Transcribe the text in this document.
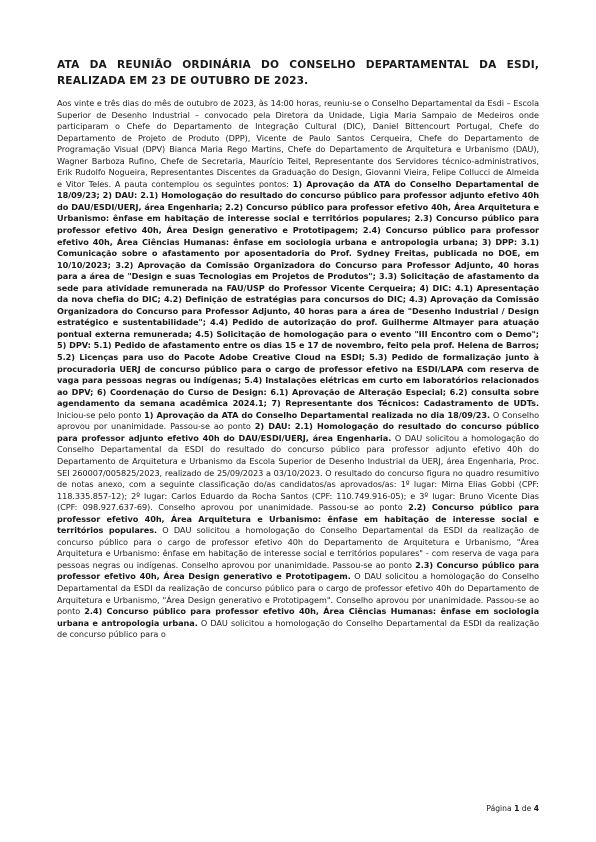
ATA DA REUNIÃO ORDINÁRIA DO CONSELHO DEPARTAMENTAL DA ESDI, REALIZADA EM 23 DE OUTUBRO DE 2023.

Aos vinte e três dias do mês de outubro de 2023, às 14:00 horas, reuniu-se o Conselho Departamental da Esdi – Escola Superior de Desenho Industrial – convocado pela Diretora da Unidade, Ligia Maria Sampaio de Medeiros onde participaram o Chefe do Departamento de Integração Cultural (DIC), Daniel Bittencourt Portugal, Chefe do Departamento de Projeto de Produto (DPP), Vicente de Paulo Santos Cerqueira, Chefe do Departamento de Programação Visual (DPV) Bianca Maria Rego Martins, Chefe do Departamento de Arquitetura e Urbanismo (DAU), Wagner Barboza Rufino, Chefe de Secretaria, Maurício Teitel, Representante dos Servidores técnico-administrativos, Erik Rudolfo Nogueira, Representantes Discentes da Graduação do Design, Giovanni Vieira, Felipe Collucci de Almeida e Vitor Teles. A pauta contemplou os seguintes pontos: 1) Aprovação da ATA do Conselho Departamental de 18/09/23; 2) DAU: 2.1) Homologação do resultado do concurso público para professor adjunto efetivo 40h do DAU/ESDI/UERJ, área Engenharia; 2.2) Concurso público para professor efetivo 40h, Área Arquitetura e Urbanismo: ênfase em habitação de interesse social e territórios populares; 2.3) Concurso público para professor efetivo 40h, Área Design generativo e Prototipagem; 2.4) Concurso público para professor efetivo 40h, Área Ciências Humanas: ênfase em sociologia urbana e antropologia urbana; 3) DPP: 3.1) Comunicação sobre o afastamento por aposentadoria do Prof. Sydney Freitas, publicada no DOE, em 10/10/2023; 3.2) Aprovação da Comissão Organizadora do Concurso para Professor Adjunto, 40 horas para a área de "Design e suas Tecnologias em Projetos de Produtos"; 3.3) Solicitação de afastamento da sede para atividade remunerada na FAU/USP do Professor Vicente Cerqueira; 4) DIC: 4.1) Apresentação da nova chefia do DIC; 4.2) Definição de estratégias para concursos do DIC; 4.3) Aprovação da Comissão Organizadora do Concurso para Professor Adjunto, 40 horas para a área de "Desenho Industrial / Design estratégico e sustentabilidade"; 4.4) Pedido de autorização do prof. Guilherme Altmayer para atuação pontual externa remunerada; 4.5) Solicitação de homologação para o evento "III Encontro com o Demo"; 5) DPV: 5.1) Pedido de afastamento entre os dias 15 e 17 de novembro, feito pela prof. Helena de Barros; 5.2) Licenças para uso do Pacote Adobe Creative Cloud na ESDI; 5.3) Pedido de formalização junto à procuradoria UERJ de concurso público para o cargo de professor efetivo na ESDI/LAPA com reserva de vaga para pessoas negras ou indígenas; 5.4) Instalações elétricas em curto em laboratórios relacionados ao DPV; 6) Coordenação do Curso de Design: 6.1) Aprovação de Alteração Especial; 6.2) consulta sobre agendamento da semana acadêmica 2024.1; 7) Representante dos Técnicos: Cadastramento de UDTs. Iniciou-se pelo ponto 1) Aprovação da ATA do Conselho Departamental realizada no dia 18/09/23. O Conselho aprovou por unanimidade. Passou-se ao ponto 2) DAU: 2.1) Homologação do resultado do concurso público para professor adjunto efetivo 40h do DAU/ESDI/UERJ, área Engenharia. O DAU solicitou a homologação do Conselho Departamental da ESDI do resultado do concurso público para professor adjunto efetivo 40h do Departamento de Arquitetura e Urbanismo da Escola Superior de Desenho Industrial da UERJ, área Engenharia, Proc. SEI 260007/005825/2023, realizado de 25/09/2023 a 03/10/2023. O resultado do concurso figura no quadro resumitivo de notas anexo, com a seguinte classificação do/as candidatos/as aprovados/as: 1º lugar: Mirna Elias Gobbi (CPF: 118.335.857-12); 2º lugar: Carlos Eduardo da Rocha Santos (CPF: 110.749.916-05); e 3º lugar: Bruno Vicente Dias (CPF: 098.927.637-69). Conselho aprovou por unanimidade. Passou-se ao ponto 2.2) Concurso público para professor efetivo 40h, Área Arquitetura e Urbanismo: ênfase em habitação de interesse social e territórios populares. O DAU solicitou a homologação do Conselho Departamental da ESDI da realização de concurso público para o cargo de professor efetivo 40h do Departamento de Arquitetura e Urbanismo, "Área Arquitetura e Urbanismo: ênfase em habitação de interesse social e territórios populares" - com reserva de vaga para pessoas negras ou indígenas. Conselho aprovou por unanimidade. Passou-se ao ponto 2.3) Concurso público para professor efetivo 40h, Área Design generativo e Prototipagem. O DAU solicitou a homologação do Conselho Departamental da ESDI da realização de concurso público para o cargo de professor efetivo 40h do Departamento de Arquitetura e Urbanismo, "Área Design generativo e Prototipagem". Conselho aprovou por unanimidade. Passou-se ao ponto 2.4) Concurso público para professor efetivo 40h, Área Ciências Humanas: ênfase em sociologia urbana e antropologia urbana. O DAU solicitou a homologação do Conselho Departamental da ESDI da realização de concurso público para o

Página 1 de 4
